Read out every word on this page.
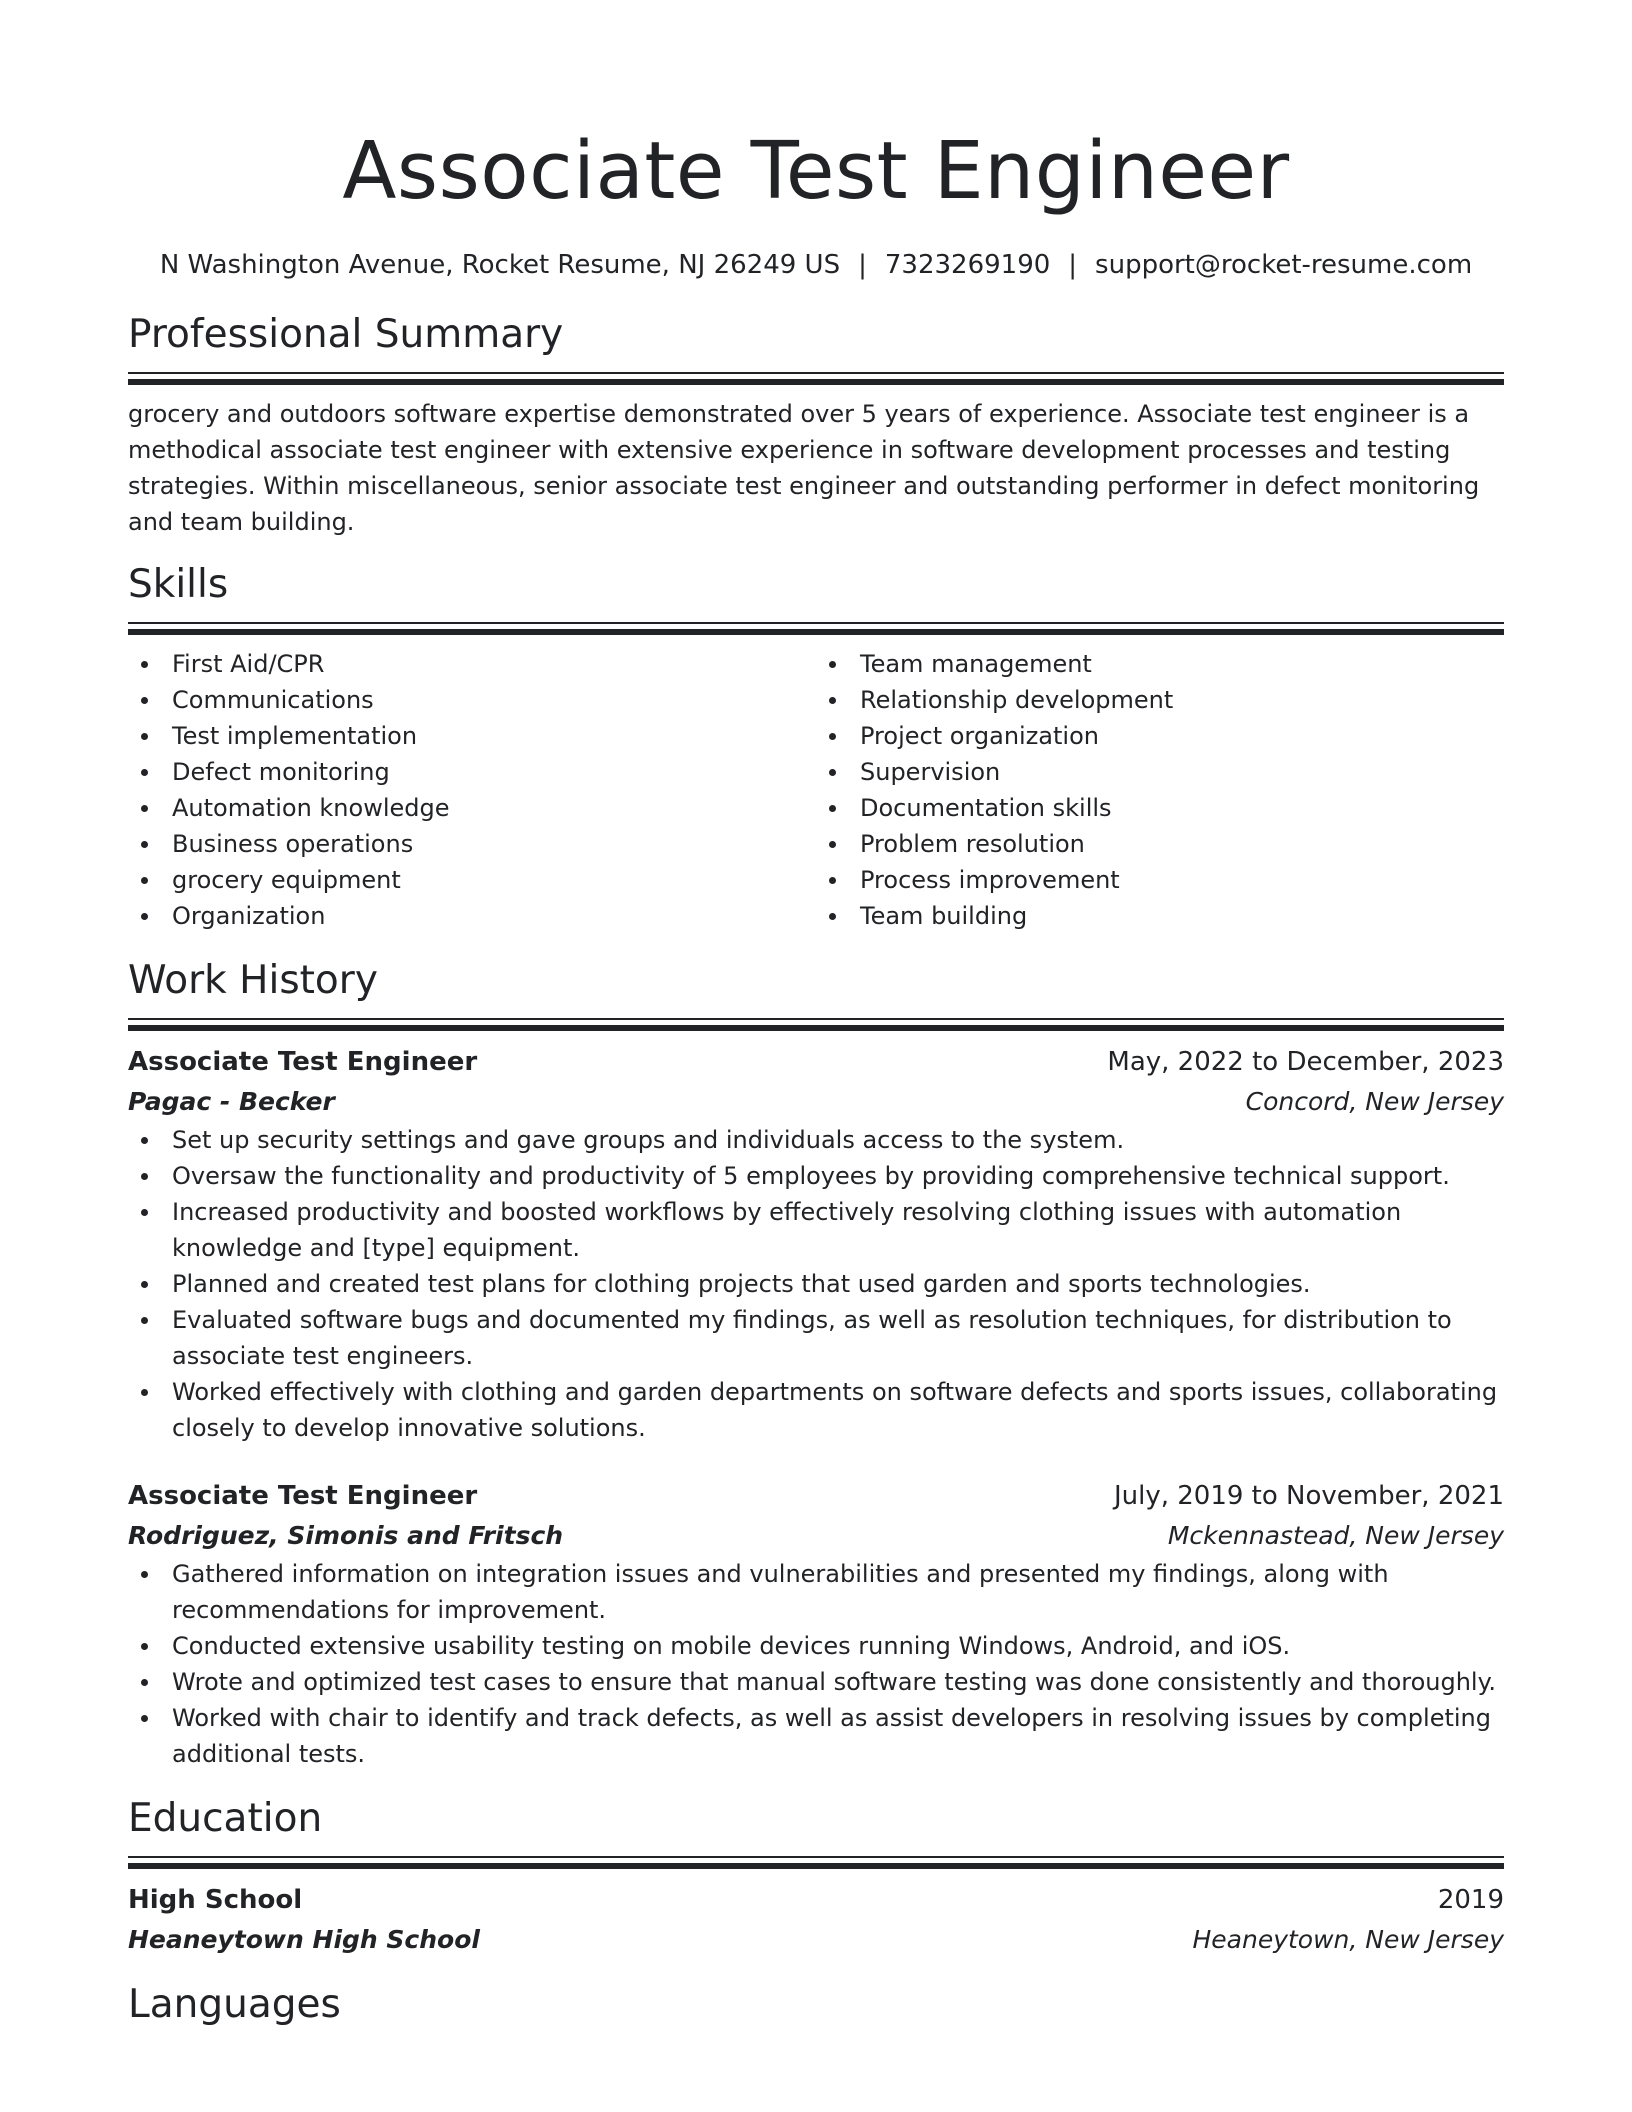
Associate Test Engineer
N Washington Avenue, Rocket Resume, NJ 26249 US | 7323269190 | support@rocket-resume.com
Professional Summary
grocery and outdoors software expertise demonstrated over 5 years of experience. Associate test engineer is a methodical associate test engineer with extensive experience in software development processes and testing strategies. Within miscellaneous, senior associate test engineer and outstanding performer in defect monitoring and team building.
Skills
First Aid/CPR
Communications
Test implementation
Defect monitoring
Automation knowledge
Business operations
grocery equipment
Organization
Team management
Relationship development
Project organization
Supervision
Documentation skills
Problem resolution
Process improvement
Team building
Work History
Associate Test Engineer	May, 2022 to December, 2023
Pagac - Becker	Concord, New Jersey
Set up security settings and gave groups and individuals access to the system.
Oversaw the functionality and productivity of 5 employees by providing comprehensive technical support.
Increased productivity and boosted workflows by effectively resolving clothing issues with automation knowledge and [type] equipment.
Planned and created test plans for clothing projects that used garden and sports technologies.
Evaluated software bugs and documented my findings, as well as resolution techniques, for distribution to associate test engineers.
Worked effectively with clothing and garden departments on software defects and sports issues, collaborating closely to develop innovative solutions.
Associate Test Engineer	July, 2019 to November, 2021
Rodriguez, Simonis and Fritsch	Mckennastead, New Jersey
Gathered information on integration issues and vulnerabilities and presented my findings, along with recommendations for improvement.
Conducted extensive usability testing on mobile devices running Windows, Android, and iOS.
Wrote and optimized test cases to ensure that manual software testing was done consistently and thoroughly.
Worked with chair to identify and track defects, as well as assist developers in resolving issues by completing additional tests.
Education
High School	2019
Heaneytown High School	Heaneytown, New Jersey
Languages
